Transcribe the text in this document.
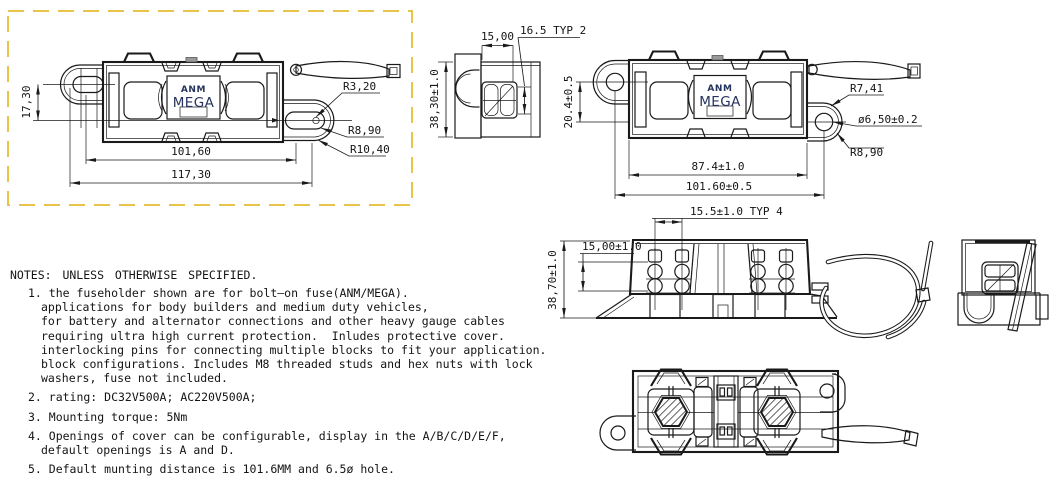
17,30
101,60
117,30
R3,20
R8,90
R10,40
ANM
MEGA
15,00 16.5 TYP 2
38,30±1.0	20.4±0.5	R7,41
ø6,50±0.2
R8,90
87.4±1.0
101.60±0.5
ANM
MEGA
15.5±1.0 TYP 4
15,00±1.0
38,70±1.0
NOTES: UNLESS OTHERWISE SPECIFIED.
1. the fuseholder shown are for bolt—on fuse(ANM/MEGA).
applications for body builders and medium duty vehicles,
for battery and alternator connections and other heavy gauge cables
requiring ultra high current protection.  Inludes protective cover.
interlocking pins for connecting multiple blocks to fit your application.
block configurations. Includes M8 threaded studs and hex nuts with lock
washers, fuse not included.
2. rating: DC32V500A; AC220V500A;
3. Mounting torque: 5Nm
4. Openings of cover can be configurable, display in the A/B/C/D/E/F,
default openings is A and D.
5. Default munting distance is 101.6MM and 6.5ø hole.
